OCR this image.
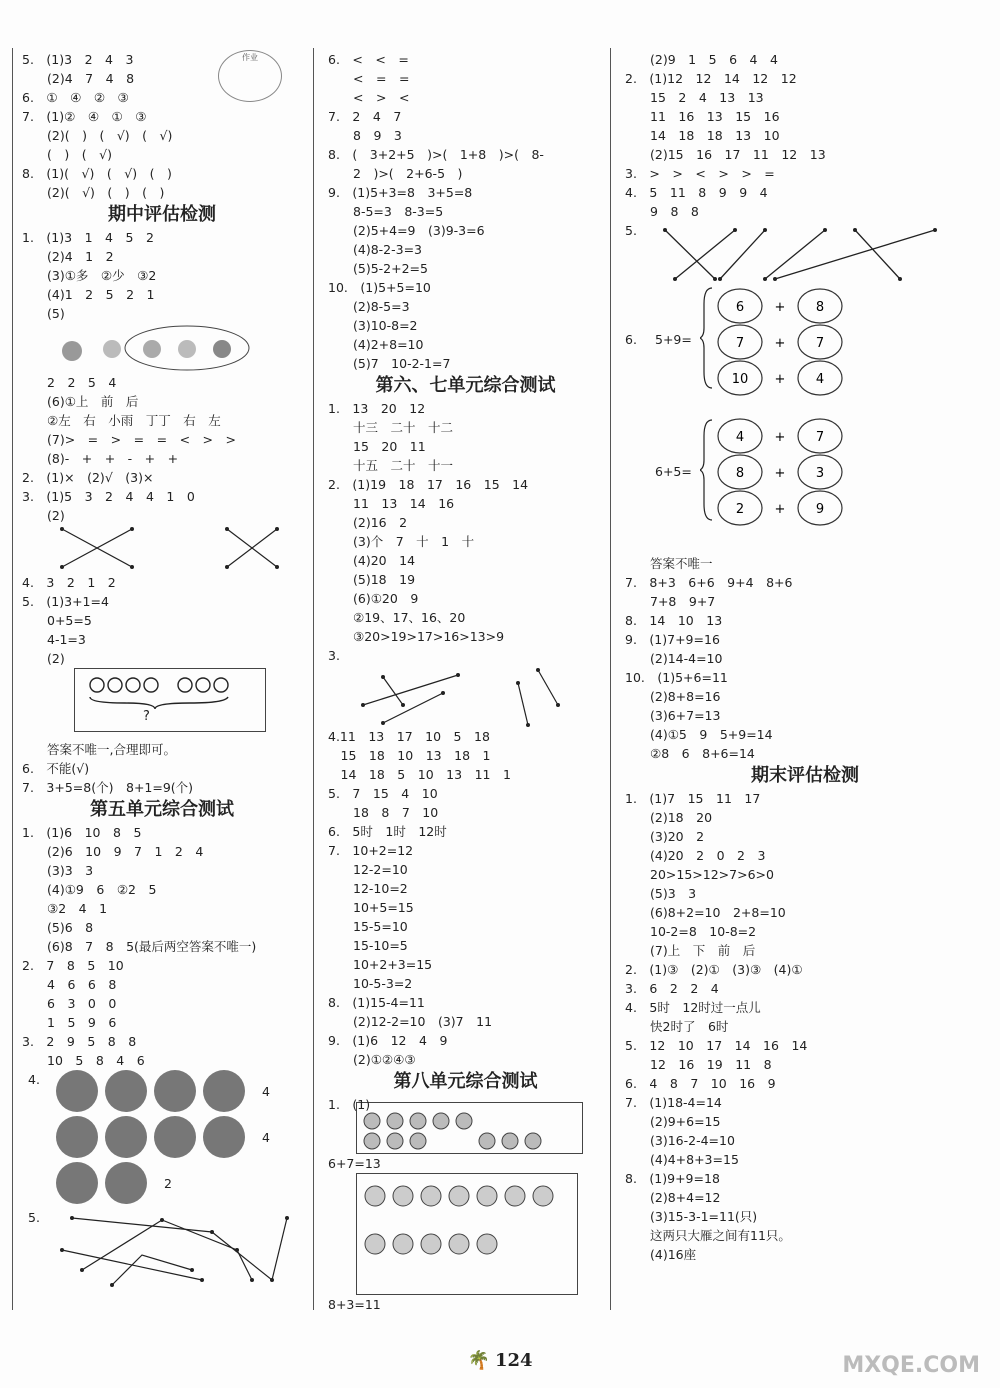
5.　(1)3　2　4　3
　　(2)4　7　4　8
6.　①　④　②　③
7.　(1)②　④　①　③
　　(2)(　)　(　√)　(　√)
　　(　)　(　√)
8.　(1)(　√)　(　√)　(　)
　　(2)(　√)　(　)　(　)
期中评估检测
1.　(1)3　1　4　5　2
　　(2)4　1　2
　　(3)①多　②少　③2
　　(4)1　2　5　2　1
　　(5)
　　2　2　5　4
　　(6)①上　前　后
　　②左　右　小雨　丁丁　右　左
　　(7)>　=　>　=　=　<　>　>
　　(8)-　+　+　-　+　+
2.　(1)×　(2)√　(3)×
3.　(1)5　3　2　4　4　1　0
　　(2)
4.　3　2　1　2
5.　(1)3+1=4
　　0+5=5
　　4-1=3
　　(2)
?
　　答案不唯一,合理即可。
6.　不能(√)
7.　3+5=8(个)　8+1=9(个)
第五单元综合测试
1.　(1)6　10　8　5
　　(2)6　10　9　7　1　2　4
　　(3)3　3
　　(4)①9　6　②2　5
　　③2　4　1
　　(5)6　8
　　(6)8　7　8　5(最后两空答案不唯一)
2.　7　8　5　10
　　4　6　6　8
　　6　3　0　0
　　1　5　9　6
3.　2　9　5　8　8
　　10　5　8　4　6
4.
4
4
2
5.
作业	6.　<　<　=
　　<　=　=
　　<　>　<
7.　2　4　7
　　8　9　3
8.　(　3+2+5　)>(　1+8　)>(　8-
　　2　)>(　2+6-5　)
9.　(1)5+3=8　3+5=8
　　8-5=3　8-3=5
　　(2)5+4=9　(3)9-3=6
　　(4)8-2-3=3
　　(5)5-2+2=5
10.　(1)5+5=10
　　(2)8-5=3
　　(3)10-8=2
　　(4)2+8=10
　　(5)7　10-2-1=7
第六、七单元综合测试
1.　13　20　12
　　十三　二十　十二
　　15　20　11
　　十五　二十　十一
2.　(1)19　18　17　16　15　14
　　11　13　14　16
　　(2)16　2
　　(3)个　7　十　1　十
　　(4)20　14
　　(5)18　19
　　(6)①20　9
　　②19、17、16、20
　　③20>19>17>16>13>9
3.
4.11　13　17　10　5　18
　15　18　10　13　18　1
　14　18　5　10　13　11　1
5.　7　15　4　10
　　18　8　7　10
6.　5时　1时　12时
7.　10+2=12
　　12-2=10
　　12-10=2
　　10+5=15
　　15-5=10
　　15-10=5
　　10+2+3=15
　　10-5-3=2
8.　(1)15-4=11
　　(2)12-2=10　(3)7　11
9.　(1)6　12　4　9
　　(2)①②④③
第八单元综合测试
1.　(1)
6+7=13
8+3=11
　　(2)9　1　5　6　4　4
2.　(1)12　12　14　12　12
　　15　2　4　13　13
　　11　16　13　15　16
　　14　18　18　13　10
　　(2)15　16　17　11　12　13
3.　>　>　<　>　>　=
4.　5　11　8　9　9　4
　　9　8　8
5.
6. 5+9=
6+5=
6 + 8
7 + 7
10 + 4
4 + 7
8 + 3
2 + 9
　　答案不唯一
7.　8+3　6+6　9+4　8+6
　　7+8　9+7
8.　14　10　13
9.　(1)7+9=16
　　(2)14-4=10
10.　(1)5+6=11
　　(2)8+8=16
　　(3)6+7=13
　　(4)①5　9　5+9=14
　　②8　6　8+6=14
期末评估检测
1.　(1)7　15　11　17
　　(2)18　20
　　(3)20　2
　　(4)20　2　0　2　3
　　20>15>12>7>6>0
　　(5)3　3
　　(6)8+2=10　2+8=10
　　10-2=8　10-8=2
　　(7)上　下　前　后
2.　(1)③　(2)①　(3)③　(4)①
3.　6　2　2　4
4.　5时　12时过一点儿
　　快2时了　6时
5.　12　10　17　14　16　14
　　12　16　19　11　8
6.　4　8　7　10　16　9
7.　(1)18-4=14
　　(2)9+6=15
　　(3)16-2-4=10
　　(4)4+8+3=15
8.　(1)9+9=18
　　(2)8+4=12
　　(3)15-3-1=11(只)
　　这两只大雁之间有11只。
　　(4)16座
🌴 124	MXQE.COM
